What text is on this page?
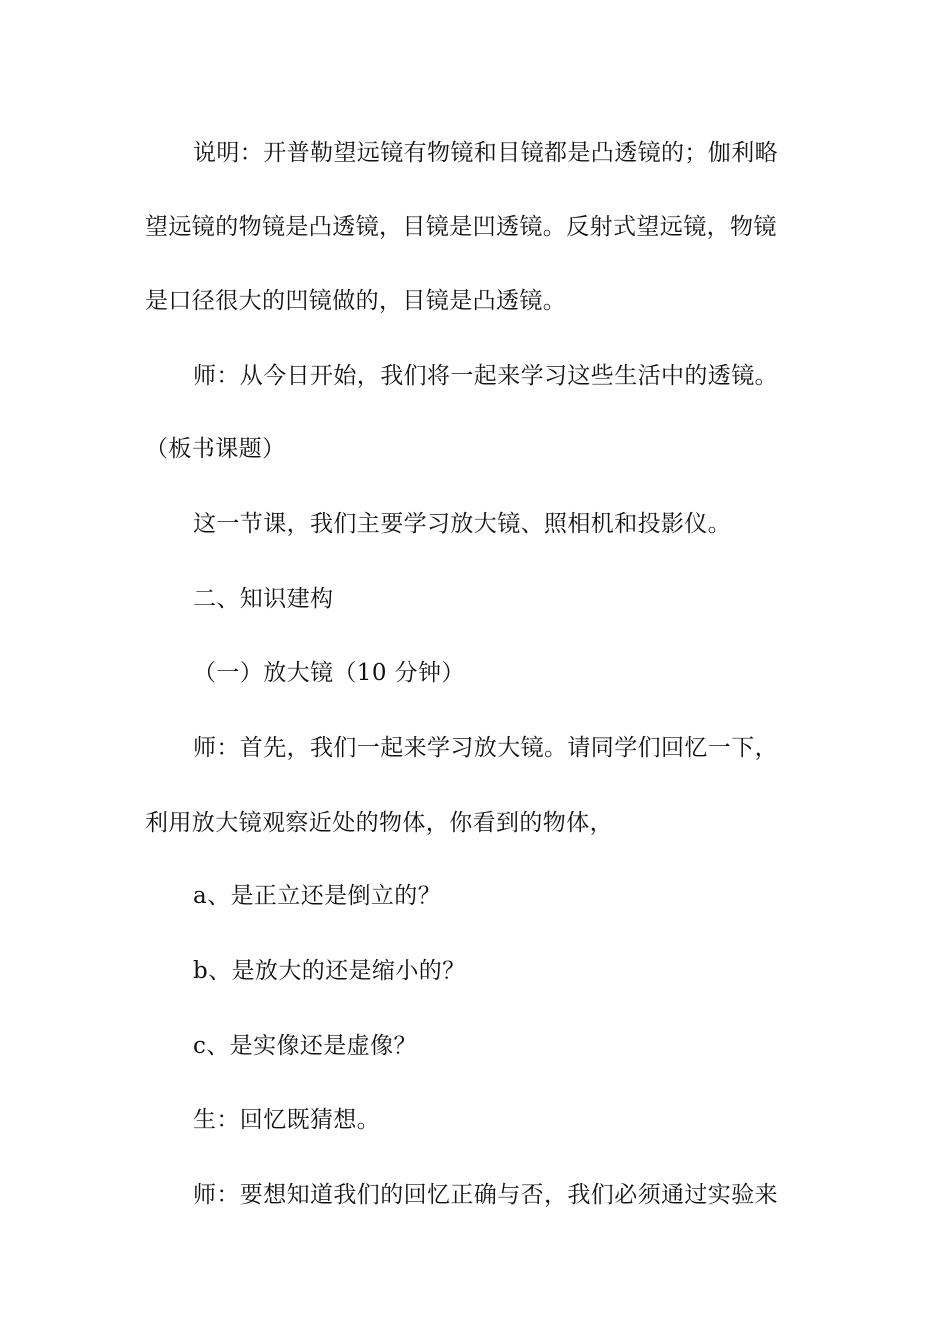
说明：开普勒望远镜有物镜和目镜都是凸透镜的；伽利略
望远镜的物镜是凸透镜，目镜是凹透镜。反射式望远镜，物镜
是口径很大的凹镜做的，目镜是凸透镜。
师：从今日开始，我们将一起来学习这些生活中的透镜。
（板书课题）
这一节课，我们主要学习放大镜、照相机和投影仪。
二、知识建构
（一）放大镜（10 分钟）
师：首先，我们一起来学习放大镜。请同学们回忆一下，
利用放大镜观察近处的物体，你看到的物体，
a、是正立还是倒立的？
b、是放大的还是缩小的？
c、是实像还是虚像？
生：回忆既猜想。
师：要想知道我们的回忆正确与否，我们必须通过实验来
